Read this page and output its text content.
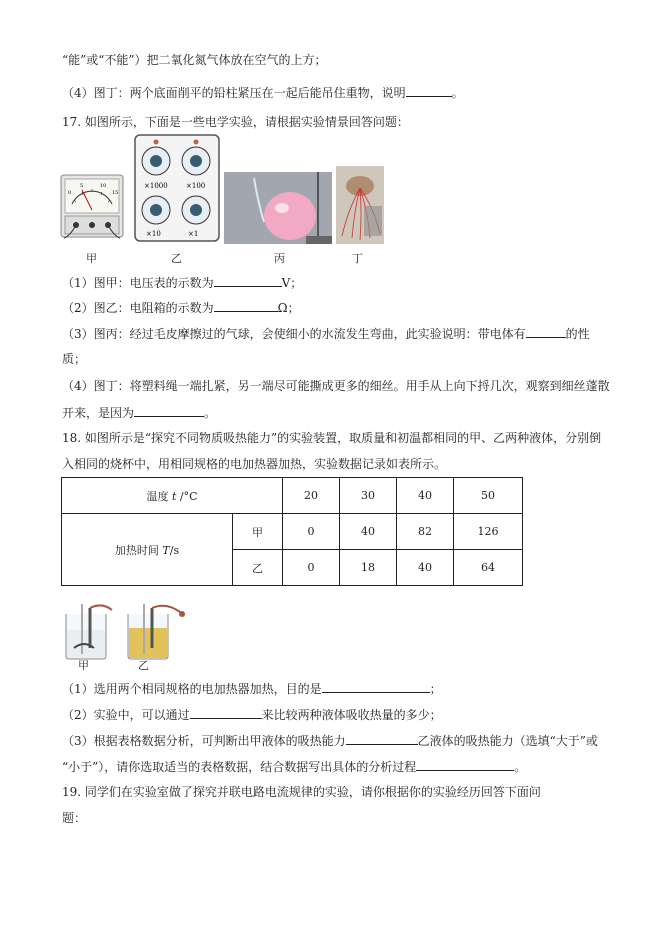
“能”或“不能”）把二氧化氮气体放在空气的上方；
（4）图丁：两个底面削平的铅柱紧压在一起后能吊住重物，说明	。
17. 如图所示，下面是一些电学实验，请根据实验情景回答问题：
0
5	10
15
甲
×1000	×100
×10	×1
乙	丙	丁
（1）图甲：电压表的示数为	V；
（2）图乙：电阻箱的示数为	Ω；
（3）图丙：经过毛皮摩擦过的气球，会使细小的水流发生弯曲，此实验说明：带电体有	的性
质；
（4）图丁：将塑料绳一端扎紧，另一端尽可能撕成更多的细丝。用手从上向下捋几次，观察到细丝蓬散
开来，是因为	。
18. 如图所示是“探究不同物质吸热能力”的实验装置，取质量和初温都相同的甲、乙两种液体，分别倒
入相同的烧杯中，用相同规格的电加热器加热，实验数据记录如表所示。
温度 t /°C		20	30	40	50
加热时间 T/s	甲	0	40	82	126
	乙	0	18	40	64
甲	乙
（1）选用两个相同规格的电加热器加热，目的是	；
（2）实验中，可以通过	来比较两种液体吸收热量的多少；
（3）根据表格数据分析，可判断出甲液体的吸热能力	乙液体的吸热能力（选填“大于”或
“小于”），请你选取适当的表格数据，结合数据写出具体的分析过程	。
19. 同学们在实验室做了探究并联电路电流规律的实验，请你根据你的实验经历回答下面问
题：
